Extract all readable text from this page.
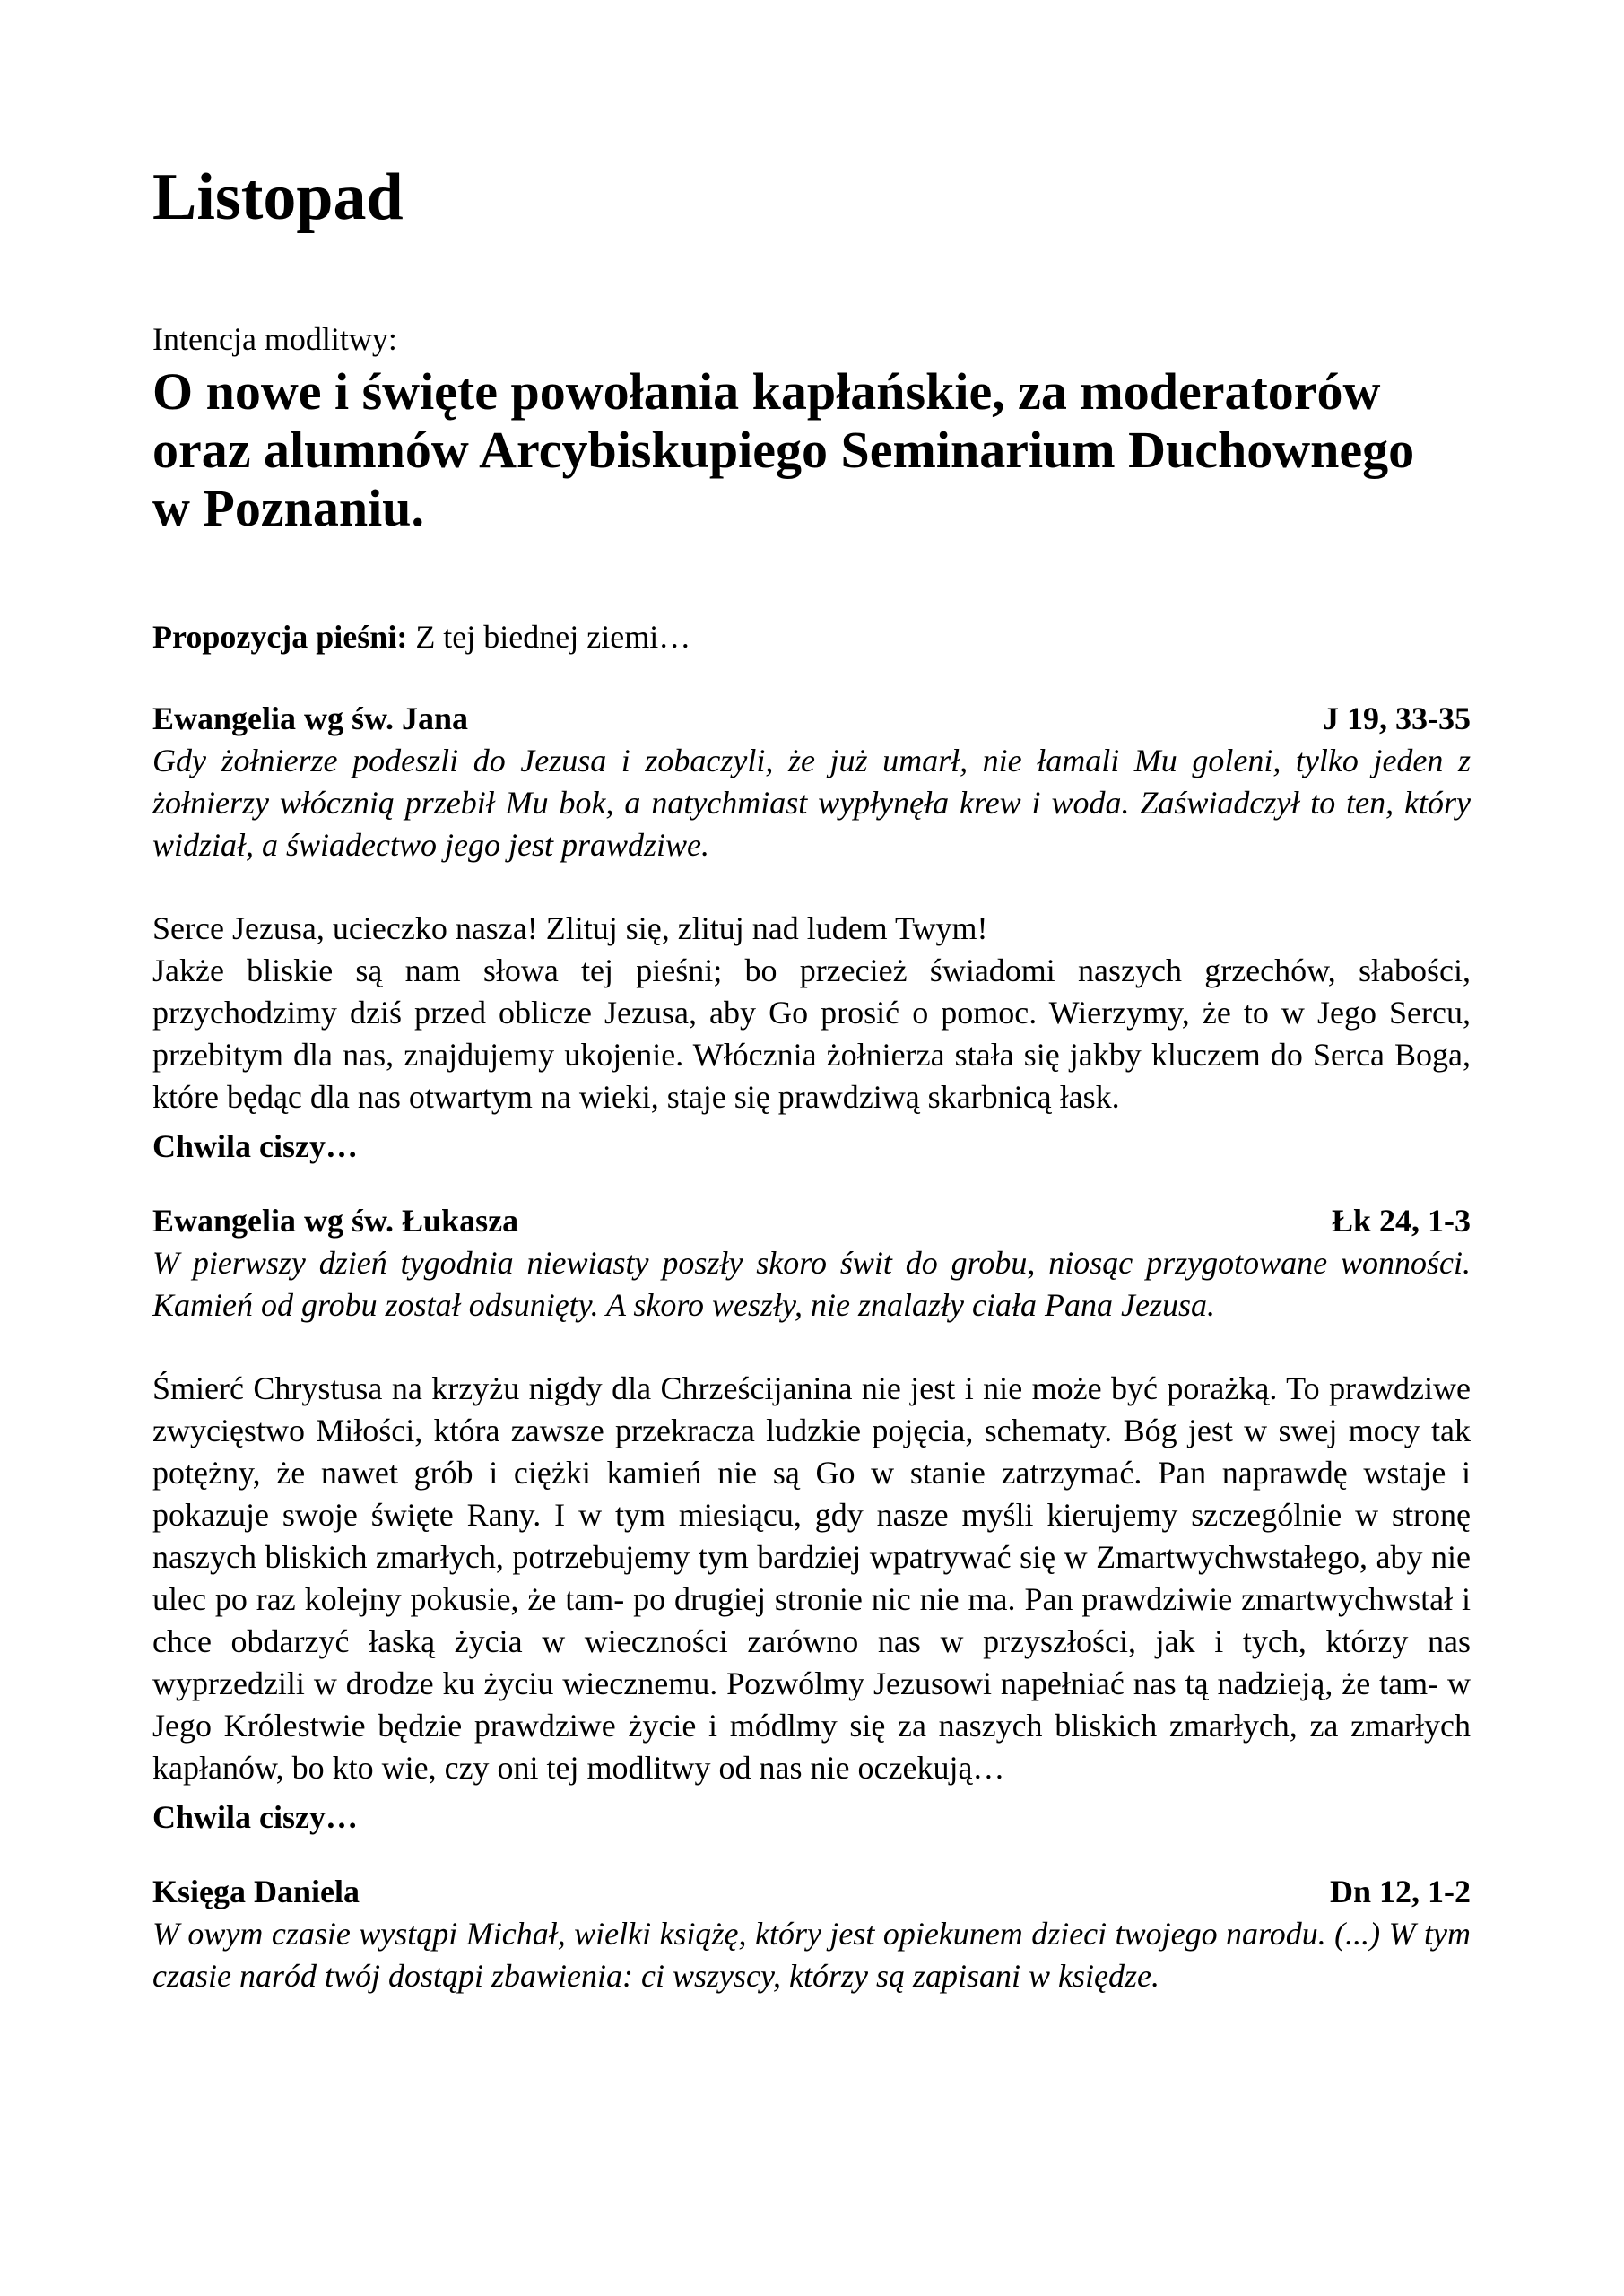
Listopad

Intencja modlitwy:

O nowe i święte powołania kapłańskie, za moderatorów
oraz alumnów Arcybiskupiego Seminarium Duchownego
w Poznaniu.

Propozycja pieśni: Z tej biednej ziemi…

Ewangelia wg św. Jana	J 19, 33-35

Gdy żołnierze podeszli do Jezusa i zobaczyli, że już umarł, nie łamali Mu goleni, tylko jeden z żołnierzy włócznią przebił Mu bok, a natychmiast wypłynęła krew i woda. Zaświadczył to ten, który widział, a świadectwo jego jest prawdziwe.

Serce Jezusa, ucieczko nasza! Zlituj się, zlituj nad ludem Twym!

Jakże bliskie są nam słowa tej pieśni; bo przecież świadomi naszych grzechów, słabości, przychodzimy dziś przed oblicze Jezusa, aby Go prosić o pomoc. Wierzymy, że to w Jego Sercu, przebitym dla nas, znajdujemy ukojenie. Włócznia żołnierza stała się jakby kluczem do Serca Boga, które będąc dla nas otwartym na wieki, staje się prawdziwą skarbnicą łask.

Chwila ciszy…

Ewangelia wg św. Łukasza	Łk 24, 1-3

W pierwszy dzień tygodnia niewiasty poszły skoro świt do grobu, niosąc przygotowane wonności. Kamień od grobu został odsunięty. A skoro weszły, nie znalazły ciała Pana Jezusa.

Śmierć Chrystusa na krzyżu nigdy dla Chrześcijanina nie jest i nie może być porażką. To prawdziwe zwycięstwo Miłości, która zawsze przekracza ludzkie pojęcia, schematy. Bóg jest w swej mocy tak potężny, że nawet grób i ciężki kamień nie są Go w stanie zatrzymać. Pan naprawdę wstaje i pokazuje swoje święte Rany. I w tym miesiącu, gdy nasze myśli kierujemy szczególnie w stronę naszych bliskich zmarłych, potrzebujemy tym bardziej wpatrywać się w Zmartwychwstałego, aby nie ulec po raz kolejny pokusie, że tam- po drugiej stronie nic nie ma. Pan prawdziwie zmartwychwstał i chce obdarzyć łaską życia w wieczności zarówno nas w przyszłości, jak i tych, którzy nas wyprzedzili w drodze ku życiu wiecznemu. Pozwólmy Jezusowi napełniać nas tą nadzieją, że tam- w Jego Królestwie będzie prawdziwe życie i módlmy się za naszych bliskich zmarłych, za zmarłych kapłanów, bo kto wie, czy oni tej modlitwy od nas nie oczekują…

Chwila ciszy…

Księga Daniela	Dn 12, 1-2

W owym czasie wystąpi Michał, wielki książę, który jest opiekunem dzieci twojego narodu. (...) W tym czasie naród twój dostąpi zbawienia: ci wszyscy, którzy są zapisani w księdze.
